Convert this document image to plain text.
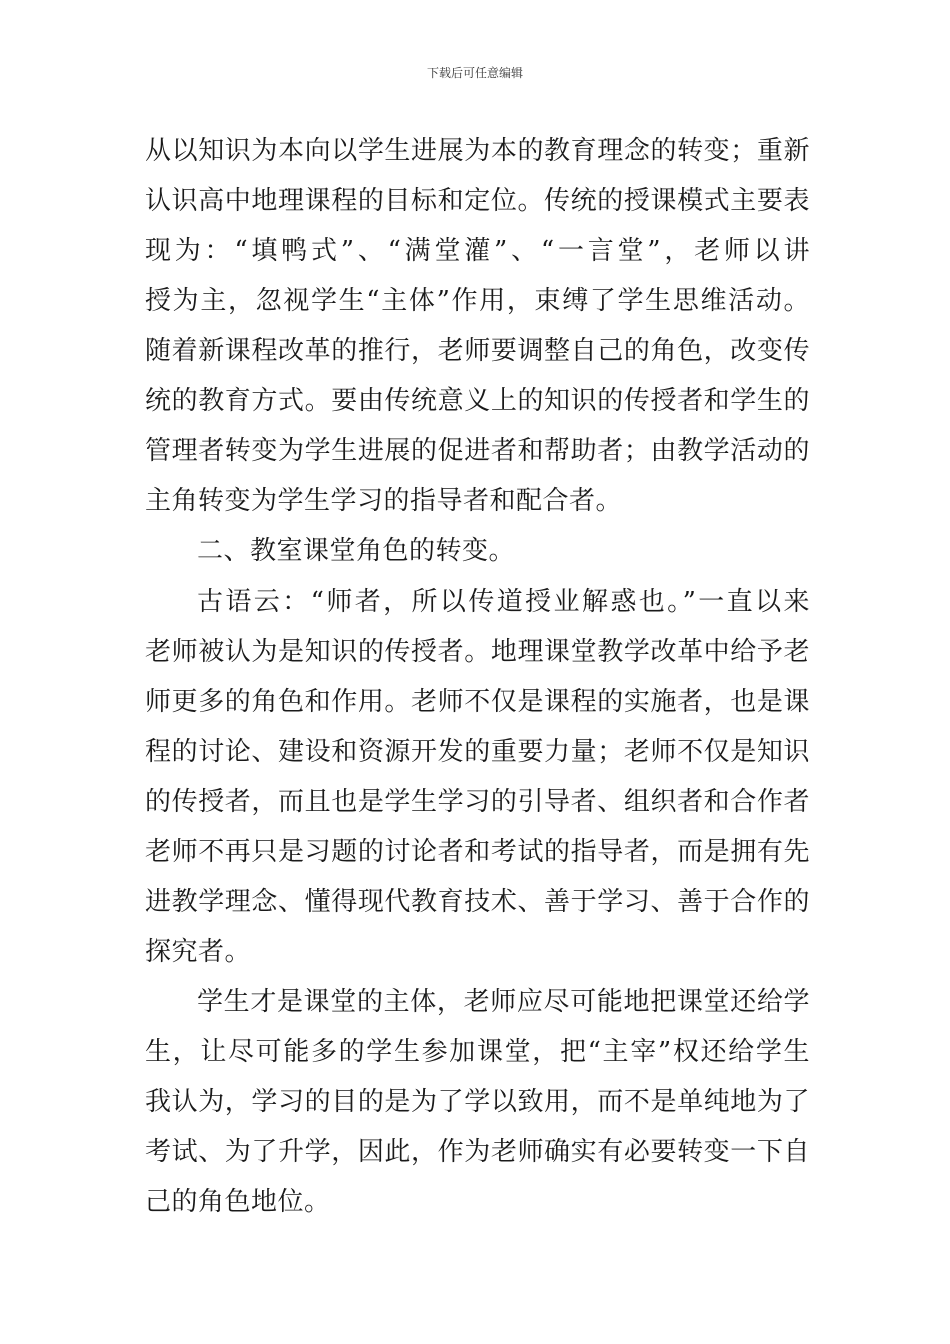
下载后可任意编辑
从以知识为本向以学生进展为本的教育理念的转变；重新
认识高中地理课程的目标和定位。传统的授课模式主要表
现为：“填鸭式”、“满堂灌”、“一言堂”，老师以讲
授为主，忽视学生“主体”作用，束缚了学生思维活动。
随着新课程改革的推行，老师要调整自己的角色，改变传
统的教育方式。要由传统意义上的知识的传授者和学生的
管理者转变为学生进展的促进者和帮助者；由教学活动的
主角转变为学生学习的指导者和配合者。
二、教室课堂角色的转变。
古语云：“师者，所以传道授业解惑也。”一直以来
老师被认为是知识的传授者。地理课堂教学改革中给予老
师更多的角色和作用。老师不仅是课程的实施者，也是课
程的讨论、建设和资源开发的重要力量；老师不仅是知识
的传授者，而且也是学生学习的引导者、组织者和合作者
老师不再只是习题的讨论者和考试的指导者，而是拥有先
进教学理念、懂得现代教育技术、善于学习、善于合作的
探究者。
学生才是课堂的主体，老师应尽可能地把课堂还给学
生，让尽可能多的学生参加课堂，把“主宰”权还给学生
我认为，学习的目的是为了学以致用，而不是单纯地为了
考试、为了升学，因此，作为老师确实有必要转变一下自
己的角色地位。
